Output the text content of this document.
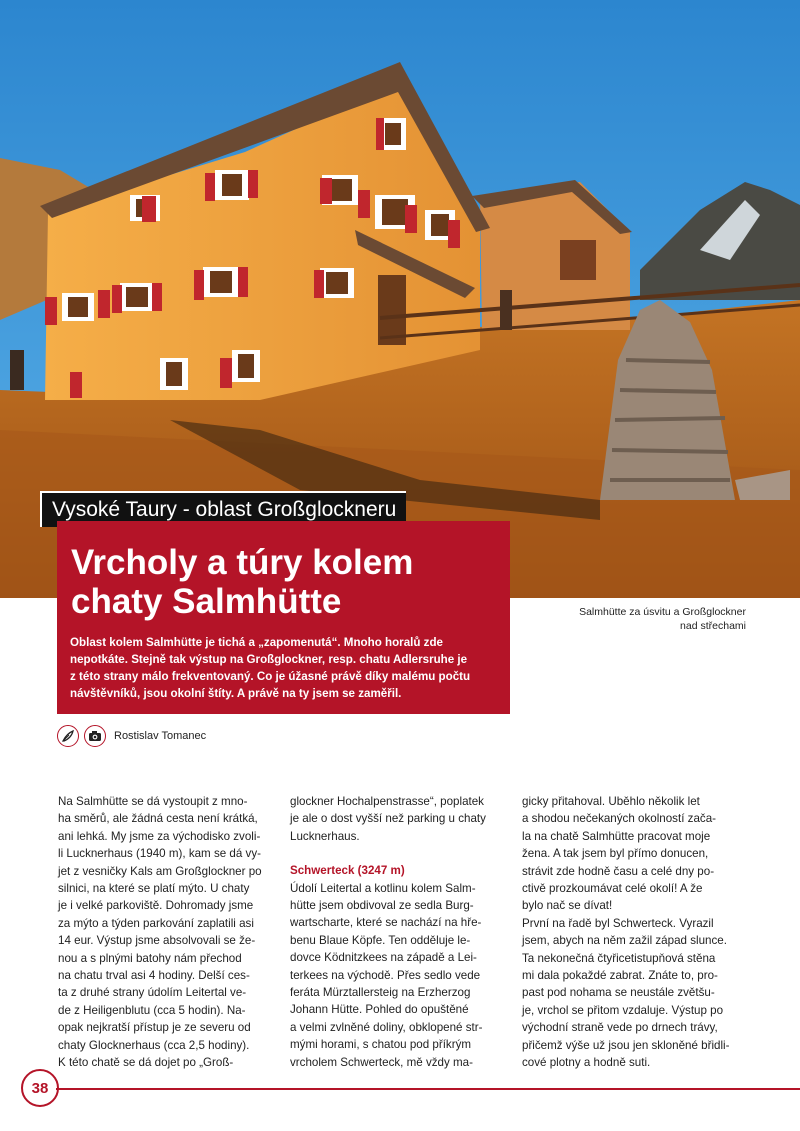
Vysoké Taury - oblast Großglockneru
Vrcholy a túry kolem
chaty Salmhütte
Oblast kolem Salmhütte je tichá a „zapomenutá“. Mnoho horalů zde
nepotkáte. Stejně tak výstup na Großglockner, resp. chatu Adlersruhe je
z této strany málo frekventovaný. Co je úžasné právě díky malému počtu
návštěvníků, jsou okolní štíty. A právě na ty jsem se zaměřil.
Salmhütte za úsvitu a Großglockner
nad střechami
Rostislav Tomanec
Na Salmhütte se dá vystoupit z mno-
ha směrů, ale žádná cesta není krátká,
ani lehká. My jsme za východisko zvoli-
li Lucknerhaus (1940 m), kam se dá vy-
jet z vesničky Kals am Großglockner po
silnici, na které se platí mýto. U chaty
je i velké parkoviště. Dohromady jsme
za mýto a týden parkování zaplatili asi
14 eur. Výstup jsme absolvovali se že-
nou a s plnými batohy nám přechod
na chatu trval asi 4 hodiny. Delší ces-
ta z druhé strany údolím Leitertal ve-
de z Heiligenblutu (cca 5 hodin). Na-
opak nejkratší přístup je ze severu od
chaty Glocknerhaus (cca 2,5 hodiny).
K této chatě se dá dojet po „Groß-
glockner Hochalpenstrasse“, poplatek
je ale o dost vyšší než parking u chaty
Lucknerhaus.
Schwerteck (3247 m)
Údolí Leitertal a kotlinu kolem Salm-
hütte jsem obdivoval ze sedla Burg-
wartscharte, které se nachází na hře-
benu Blaue Köpfe. Ten odděluje le-
dovce Ködnitzkees na západě a Lei-
terkees na východě. Přes sedlo vede
feráta Mürztallersteig na Erzherzog
Johann Hütte. Pohled do opuštěné
a velmi zvlněné doliny, obklopené str-
mými horami, s chatou pod příkrým
vrcholem Schwerteck, mě vždy ma-
gicky přitahoval. Uběhlo několik let
a shodou nečekaných okolností zača-
la na chatě Salmhütte pracovat moje
žena. A tak jsem byl přímo donucen,
strávit zde hodně času a celé dny po-
ctivě prozkoumávat celé okolí! A že
bylo nač se dívat!
První na řadě byl Schwerteck. Vyrazil
jsem, abych na něm zažil západ slunce.
Ta nekonečná čtyřicetistupňová stěna
mi dala pokaždé zabrat. Znáte to, pro-
past pod nohama se neustále zvětšu-
je, vrchol se přitom vzdaluje. Výstup po
východní straně vede po drnech trávy,
přičemž výše už jsou jen skloněné břidli-
cové plotny a hodně suti.
38
